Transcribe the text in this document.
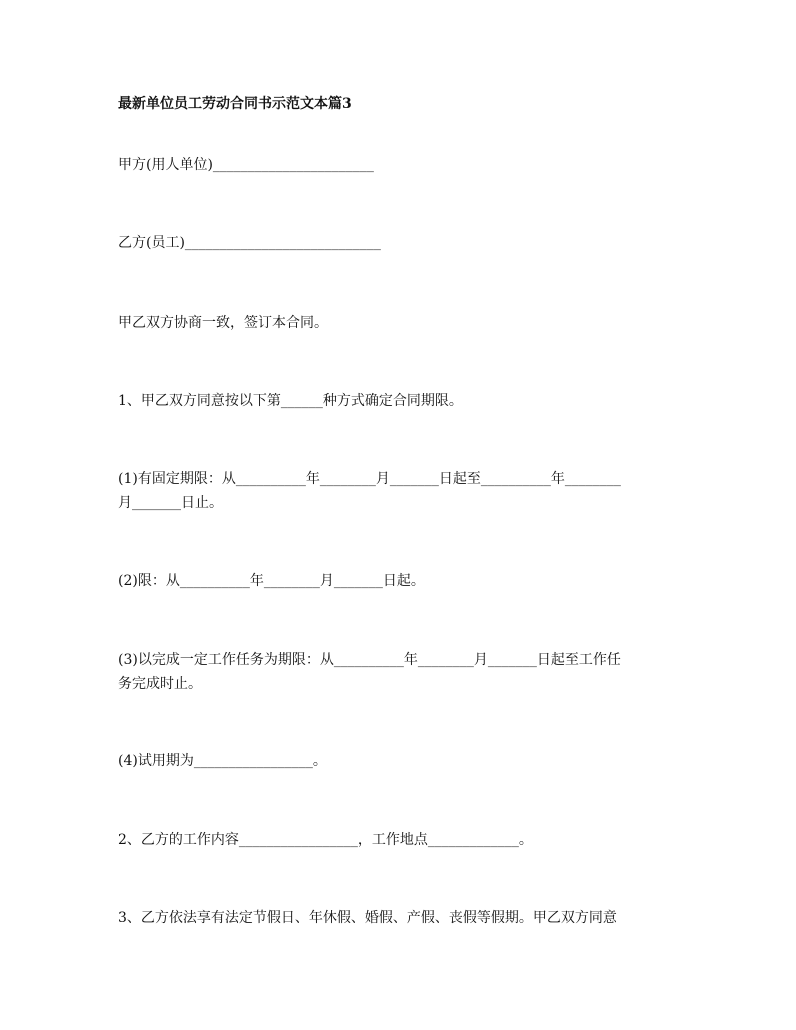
最新单位员工劳动合同书示范文本篇3

甲方(用人单位)_______________________

乙方(员工)____________________________

甲乙双方协商一致，签订本合同。

1、甲乙双方同意按以下第______种方式确定合同期限。

(1)有固定期限：从__________年________月_______日起至__________年________

月_______日止。

(2)限：从__________年________月_______日起。

(3)以完成一定工作任务为期限：从__________年________月_______日起至工作任

务完成时止。

(4)试用期为_________________。

2、乙方的工作内容_________________，工作地点_____________。

3、乙方依法享有法定节假日、年休假、婚假、产假、丧假等假期。甲乙双方同意
